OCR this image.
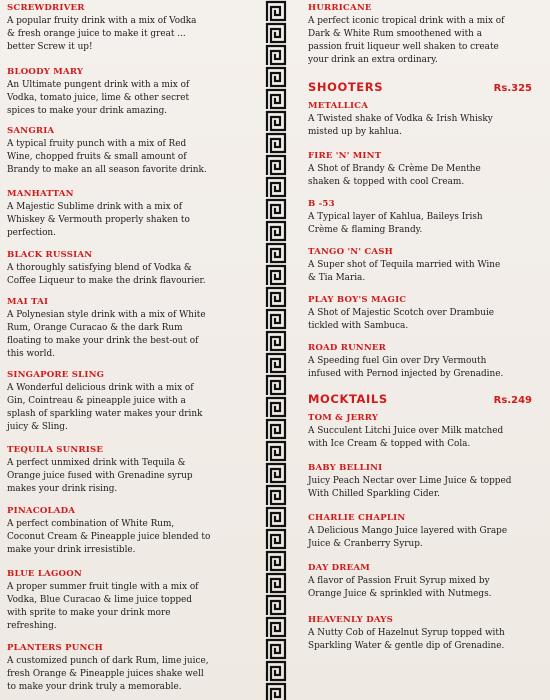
SCREWDRIVER
A popular fruity drink with a mix of Vodka
& fresh orange juice to make it great ...
better Screw it up!
BLOODY MARY
An Ultimate pungent drink with a mix of
Vodka, tomato juice, lime & other secret
spices to make your drink amazing.
SANGRIA
A typical fruity punch with a mix of Red
Wine, chopped fruits & small amount of
Brandy to make an all season favorite drink.
MANHATTAN
A Majestic Sublime drink with a mix of
Whiskey & Vermouth properly shaken to
perfection.
BLACK RUSSIAN
A thoroughly satisfying blend of Vodka &
Coffee Liqueur to make the drink flavourier.
MAI TAI
A Polynesian style drink with a mix of White
Rum, Orange Curacao & the dark Rum
floating to make your drink the best-out of
this world.
SINGAPORE SLING
A Wonderful delicious drink with a mix of
Gin, Cointreau & pineapple juice with a
splash of sparkling water makes your drink
juicy & Sling.
TEQUILA SUNRISE
A perfect unmixed drink with Tequila &
Orange juice fused with Grenadine syrup
makes your drink rising.
PINACOLADA
A perfect combination of White Rum,
Coconut Cream & Pineapple juice blended to
make your drink irresistible.
BLUE LAGOON
A proper summer fruit tingle with a mix of
Vodka, Blue Curacao & lime juice topped
with sprite to make your drink more
refreshing.
PLANTERS PUNCH
A customized punch of dark Rum, lime juice,
fresh Orange & Pineapple juices shake well
to make your drink truly a memorable.
HURRICANE
A perfect iconic tropical drink with a mix of
Dark & White Rum smoothened with a
passion fruit liqueur well shaken to create
your drink an extra ordinary.
SHOOTERS	Rs.325
METALLICA
A Twisted shake of Vodka & Irish Whisky
misted up by kahlua.
FIRE 'N' MINT
A Shot of Brandy & Crème De Menthe
shaken & topped with cool Cream.
B -53
A Typical layer of Kahlua, Baileys Irish
Crème & flaming Brandy.
TANGO 'N' CASH
A Super shot of Tequila married with Wine
& Tia Maria.
PLAY BOY'S MAGIC
A Shot of Majestic Scotch over Drambuie
tickled with Sambuca.
ROAD RUNNER
A Speeding fuel Gin over Dry Vermouth
infused with Pernod injected by Grenadine.
MOCKTAILS	Rs.249
TOM & JERRY
A Succulent Litchi Juice over Milk matched
with Ice Cream & topped with Cola.
BABY BELLINI
Juicy Peach Nectar over Lime Juice & topped
With Chilled Sparkling Cider.
CHARLIE CHAPLIN
A Delicious Mango Juice layered with Grape
Juice & Cranberry Syrup.
DAY DREAM
A flavor of Passion Fruit Syrup mixed by
Orange Juice & sprinkled with Nutmegs.
HEAVENLY DAYS
A Nutty Cob of Hazelnut Syrup topped with
Sparkling Water & gentle dip of Grenadine.
